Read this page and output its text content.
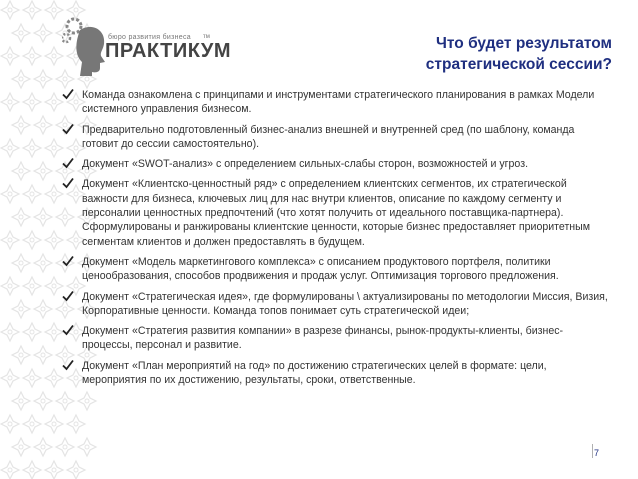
бюро развития бизнеса тм
ПРАКТИКУМ	Что будет результатом
стратегической сессии?
Команда ознакомлена с принципами и инструментами стратегического планирования в рамках Модели системного управления бизнесом.
Предварительно подготовленный бизнес-анализ внешней и внутренней сред (по шаблону, команда готовит до сессии самостоятельно).
Документ «SWOT-анализ» с определением сильных-слабы сторон, возможностей и угроз.
Документ «Клиентско-ценностный ряд» с определением клиентских сегментов, их стратегической важности для бизнеса, ключевых лиц для нас внутри клиентов, описание по каждому сегменту и персоналии ценностных предпочтений (что хотят получить от идеального поставщика-партнера). Сформулированы и ранжированы клиентские ценности, которые бизнес предоставляет приоритетным сегментам клиентов и должен предоставлять в будущем.
Документ «Модель маркетингового комплекса» с описанием продуктового портфеля, политики ценообразования, способов продвижения и продаж услуг. Оптимизация торгового предложения.
Документ «Стратегическая идея», где формулированы \ актуализированы по методологии Миссия, Визия, Корпоративные ценности. Команда топов понимает суть стратегической идеи;
Документ «Стратегия развития компании» в разрезе финансы, рынок-продукты-клиенты, бизнес-процессы, персонал и развитие.
Документ «План мероприятий на год» по достижению стратегических целей в формате: цели, мероприятия по их достижению, результаты, сроки, ответственные.
7
